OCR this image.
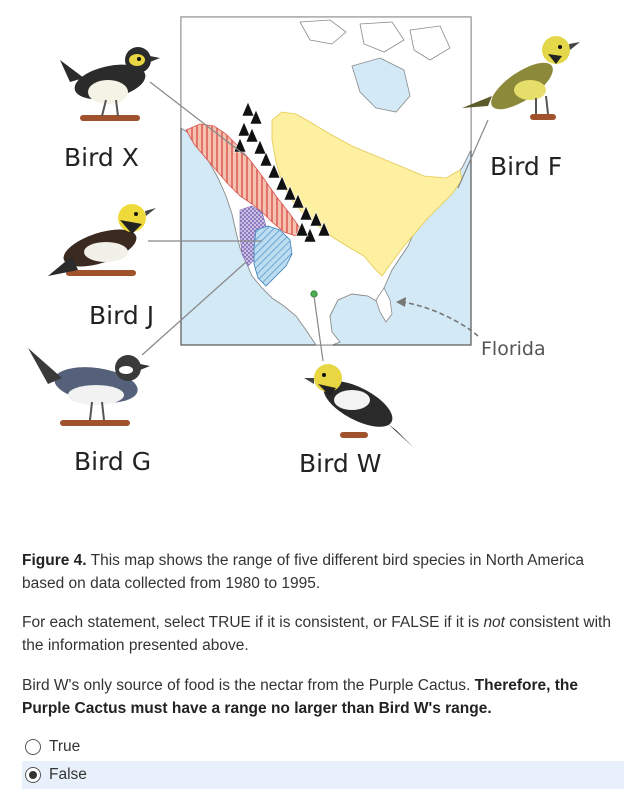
Bird X
Bird J
Bird G	Bird W
Bird F
Florida
Figure 4. This map shows the range of five different bird species in North America based on data collected from 1980 to 1995.
For each statement, select TRUE if it is consistent, or FALSE if it is not consistent with the information presented above.
Bird W's only source of food is the nectar from the Purple Cactus. Therefore, the Purple Cactus must have a range no larger than Bird W's range.
True
False
